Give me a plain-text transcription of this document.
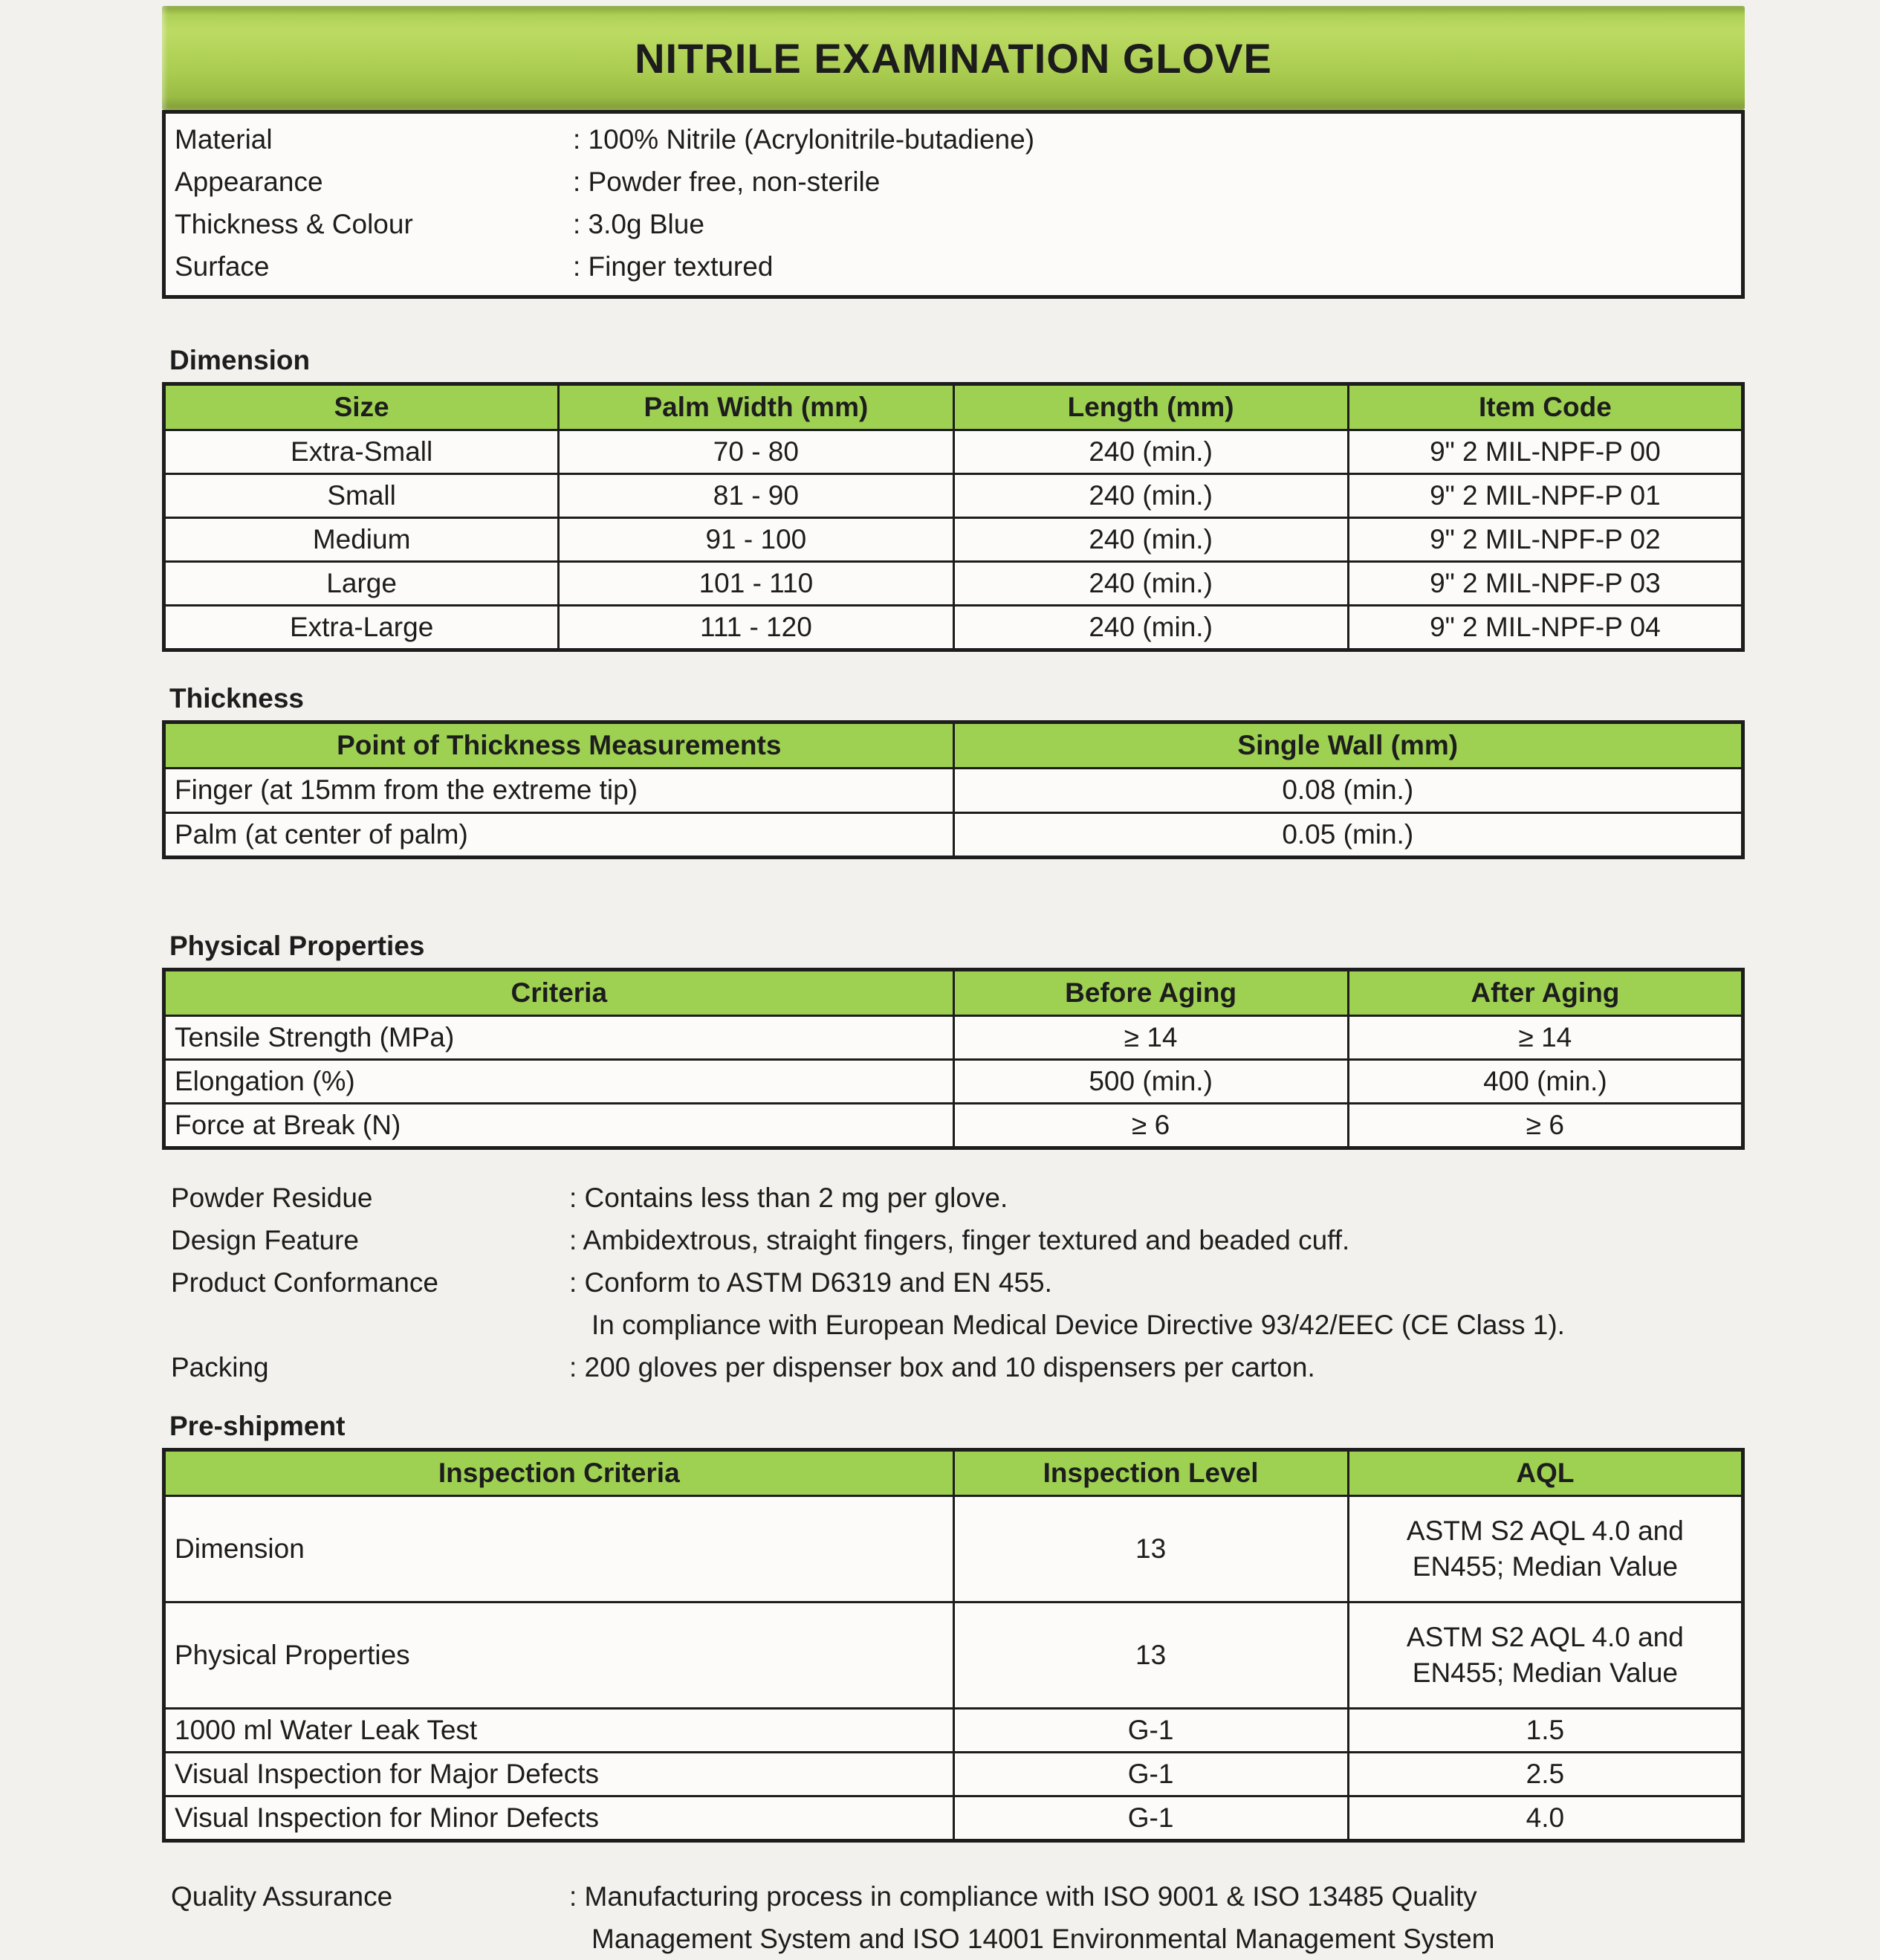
NITRILE EXAMINATION GLOVE
Material	: 100% Nitrile (Acrylonitrile-butadiene)
Appearance	: Powder free, non-sterile
Thickness & Colour	: 3.0g Blue
Surface	: Finger textured
Dimension
Size	Palm Width (mm)	Length (mm)	Item Code
Extra-Small	70 - 80	240 (min.)	9" 2 MIL-NPF-P 00
Small	81 - 90	240 (min.)	9" 2 MIL-NPF-P 01
Medium	91 - 100	240 (min.)	9" 2 MIL-NPF-P 02
Large	101 - 110	240 (min.)	9" 2 MIL-NPF-P 03
Extra-Large	111 - 120	240 (min.)	9" 2 MIL-NPF-P 04
Thickness
Point of Thickness Measurements	Single Wall (mm)
Finger (at 15mm from the extreme tip)	0.08 (min.)
Palm (at center of palm)	0.05 (min.)
Physical Properties
Criteria	Before Aging	After Aging
Tensile Strength (MPa)	≥ 14	≥ 14
Elongation (%)	500 (min.)	400 (min.)
Force at Break (N)	≥ 6	≥ 6
Powder Residue	: Contains less than 2 mg per glove.
Design Feature	: Ambidextrous, straight fingers, finger textured and beaded cuff.
Product Conformance	: Conform to ASTM D6319 and EN 455.
In compliance with European Medical Device Directive 93/42/EEC (CE Class 1).
Packing	: 200 gloves per dispenser box and 10 dispensers per carton.
Pre-shipment
Inspection Criteria	Inspection Level	AQL
Dimension	13	ASTM S2 AQL 4.0 and EN455; Median Value
Physical Properties	13	ASTM S2 AQL 4.0 and EN455; Median Value
1000 ml Water Leak Test	G-1	1.5
Visual Inspection for Major Defects	G-1	2.5
Visual Inspection for Minor Defects	G-1	4.0
Quality Assurance	: Manufacturing process in compliance with ISO 9001 & ISO 13485 Quality
Management System and ISO 14001 Environmental Management System
